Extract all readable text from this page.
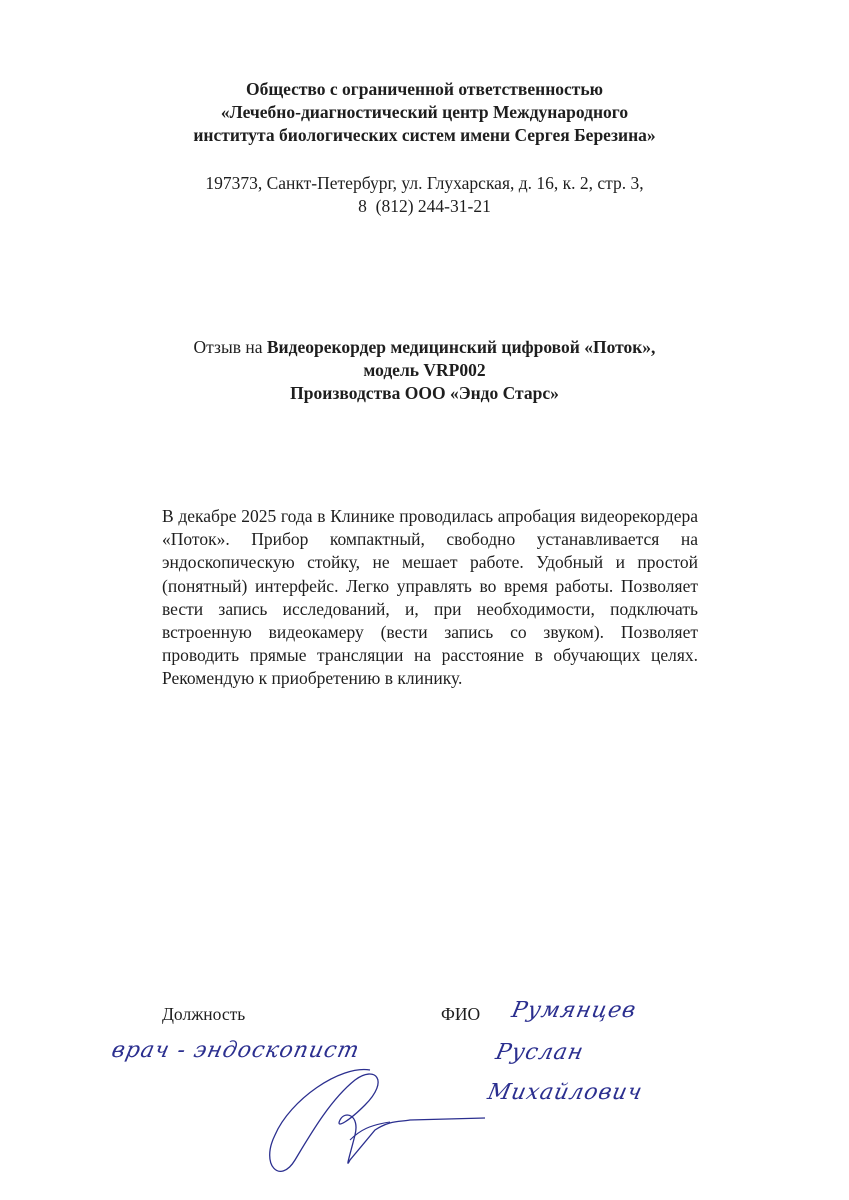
Общество с ограниченной ответственностью
«Лечебно-диагностический центр Международного
института биологических систем имени Сергея Березина»
197373, Санкт-Петербург, ул. Глухарская, д. 16, к. 2, стр. 3,
8  (812) 244-31-21
Отзыв на Видеорекордер медицинский цифровой «Поток»,
модель VRP002
Производства ООО «Эндо Старс»
В декабре 2025 года в Клинике проводилась апробация видеорекордера «Поток». Прибор компактный, свободно устанавливается на эндоскопическую стойку, не мешает работе. Удобный и простой (понятный) интерфейс. Легко управлять во время работы. Позволяет вести запись исследований, и, при необходимости, подключать встроенную видеокамеру (вести запись со звуком). Позволяет проводить прямые трансляции на расстояние в обучающих целях. Рекомендую к приобретению в клинику.
Должность	ФИО
врач - эндоскопист
Румянцев
Руслан
Михайлович
